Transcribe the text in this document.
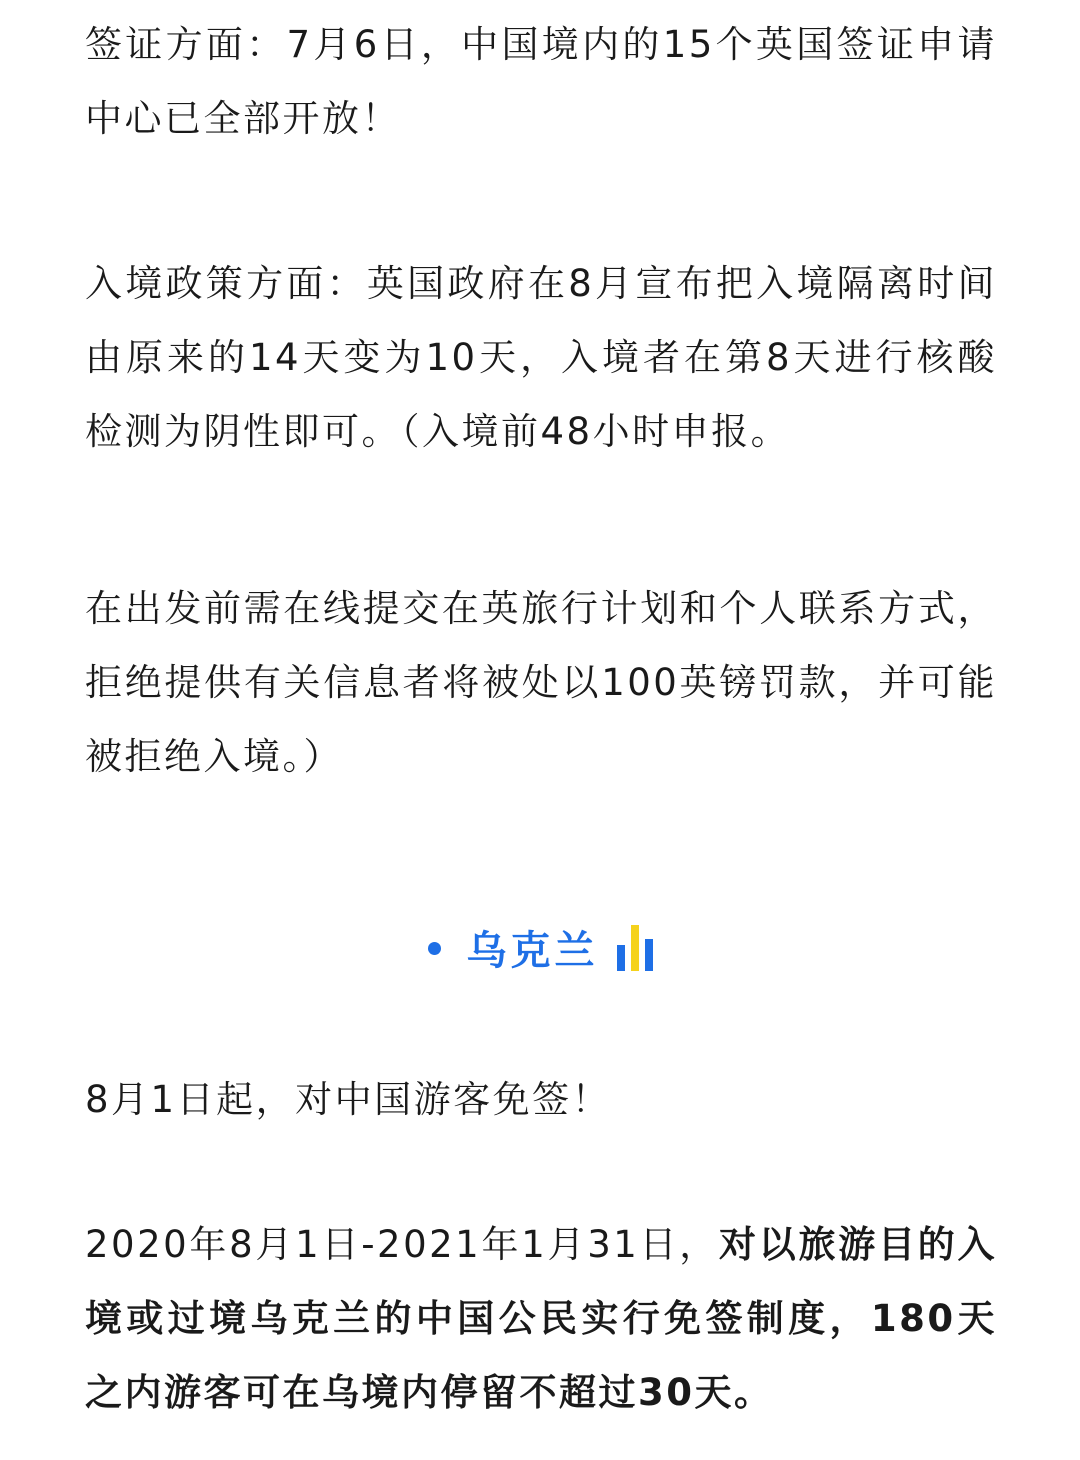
签证方面：7月6日，中国境内的15个英国签证申请中心已全部开放！

入境政策方面：英国政府在8月宣布把入境隔离时间由原来的14天变为10天，入境者在第8天进行核酸检测为阴性即可。（入境前48小时申报。

在出发前需在线提交在英旅行计划和个人联系方式，拒绝提供有关信息者将被处以100英镑罚款，并可能被拒绝入境。）

8月1日起，对中国游客免签！

2020年8月1日-2021年1月31日，对以旅游目的入境或过境乌克兰的中国公民实行免签制度，180天之内游客可在乌境内停留不超过30天。

乌克兰
